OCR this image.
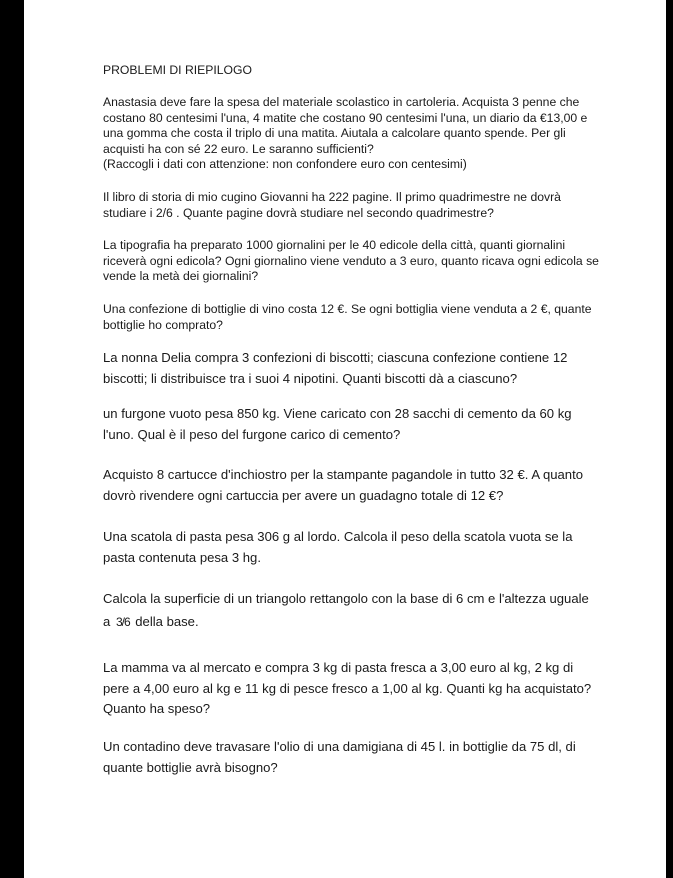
PROBLEMI DI RIEPILOGO
Anastasia deve fare la spesa del materiale scolastico in cartoleria. Acquista 3 penne che
costano 80 centesimi l'una, 4 matite che costano 90 centesimi l'una, un diario da €13,00 e
una gomma che costa il triplo di una matita. Aiutala a calcolare quanto spende. Per gli
acquisti ha con sé 22 euro. Le saranno sufficienti?
(Raccogli i dati con attenzione: non confondere euro con centesimi)
Il libro di storia di mio cugino Giovanni ha 222 pagine. Il primo quadrimestre ne dovrà
studiare i 2/6 . Quante pagine dovrà studiare nel secondo quadrimestre?
La tipografia ha preparato 1000 giornalini per le 40 edicole della città, quanti giornalini
riceverà ogni edicola? Ogni giornalino viene venduto a 3 euro, quanto ricava ogni edicola se
vende la metà dei giornalini?
Una confezione di bottiglie di vino costa 12 €. Se ogni bottiglia viene venduta a 2 €, quante
bottiglie ho comprato?
La nonna Delia compra 3 confezioni di biscotti; ciascuna confezione contiene 12
biscotti; li distribuisce tra i suoi 4 nipotini. Quanti biscotti dà a ciascuno?
un furgone vuoto pesa 850 kg. Viene caricato con 28 sacchi di cemento da 60 kg
l'uno. Qual è il peso del furgone carico di cemento?
Acquisto 8 cartucce d'inchiostro per la stampante pagandole in tutto 32 €. A quanto
dovrò rivendere ogni cartuccia per avere un guadagno totale di 12 €?
Una scatola di pasta pesa 306 g al lordo. Calcola il peso della scatola vuota se la
pasta contenuta pesa 3 hg.
Calcola la superficie di un triangolo rettangolo con la base di 6 cm e l'altezza uguale
a 3/6 della base.
La mamma va al mercato e compra 3 kg di pasta fresca a 3,00 euro al kg, 2 kg di
pere a 4,00 euro al kg e 11 kg di pesce fresco a 1,00 al kg. Quanti kg ha acquistato?
Quanto ha speso?
Un contadino deve travasare l'olio di una damigiana di 45 l. in bottiglie da 75 dl, di
quante bottiglie avrà bisogno?
